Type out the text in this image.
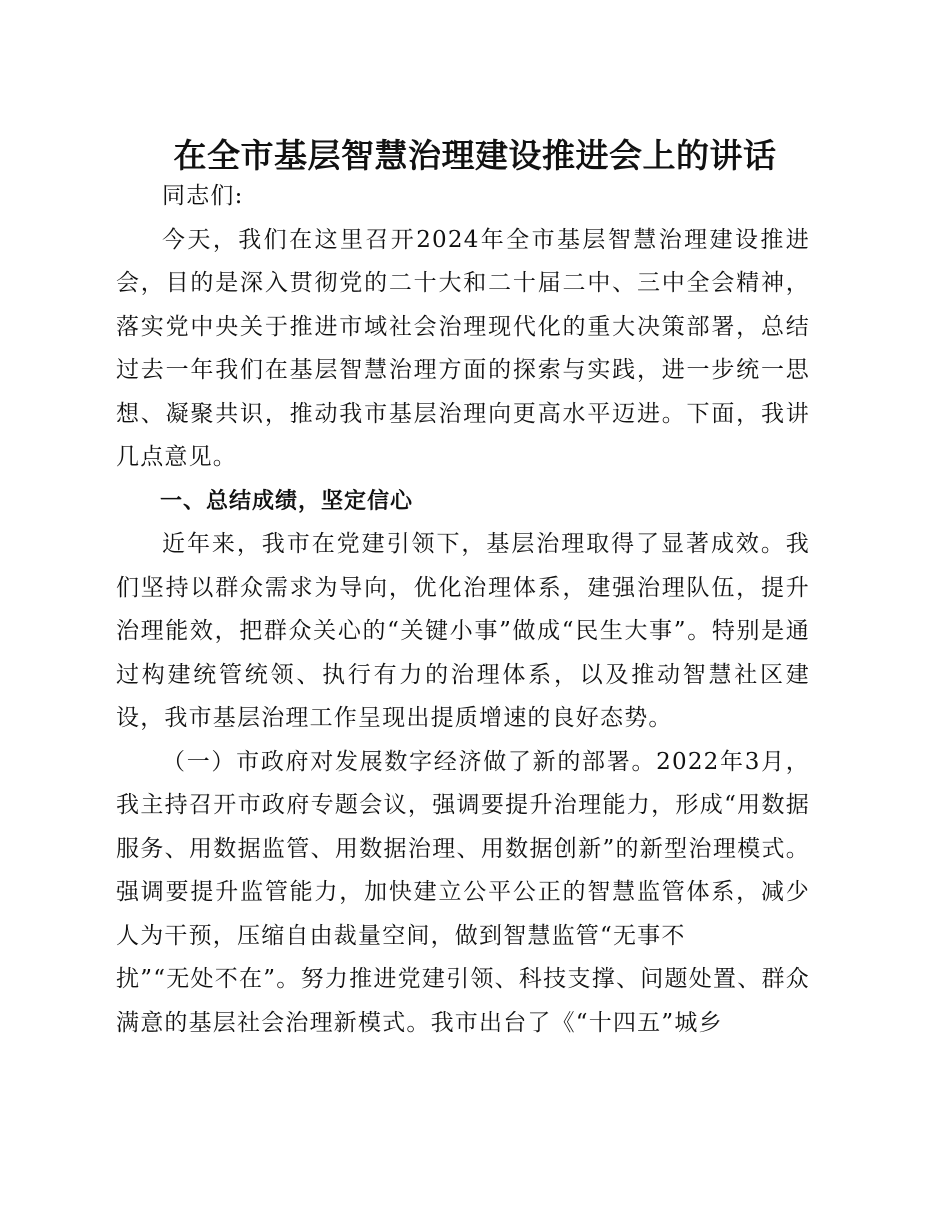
在全市基层智慧治理建设推进会上的讲话

同志们:

今天，我们在这里召开2024年全市基层智慧治理建设推进会，目的是深入贯彻党的二十大和二十届二中、三中全会精神，落实党中央关于推进市域社会治理现代化的重大决策部署，总结过去一年我们在基层智慧治理方面的探索与实践，进一步统一思想、凝聚共识，推动我市基层治理向更高水平迈进。下面，我讲几点意见。

一、总结成绩，坚定信心

近年来，我市在党建引领下，基层治理取得了显著成效。我们坚持以群众需求为导向，优化治理体系，建强治理队伍，提升治理能效，把群众关心的“关键小事”做成“民生大事”。特别是通过构建统管统领、执行有力的治理体系，以及推动智慧社区建设，我市基层治理工作呈现出提质增速的良好态势。

（一）市政府对发展数字经济做了新的部署。2022年3月，我主持召开市政府专题会议，强调要提升治理能力，形成“用数据服务、用数据监管、用数据治理、用数据创新”的新型治理模式。强调要提升监管能力，加快建立公平公正的智慧监管体系，减少人为干预，压缩自由裁量空间，做到智慧监管“无事不
扰”“无处不在”。努力推进党建引领、科技支撑、问题处置、群众满意的基层社会治理新模式。我市出台了《“十四五”城乡
